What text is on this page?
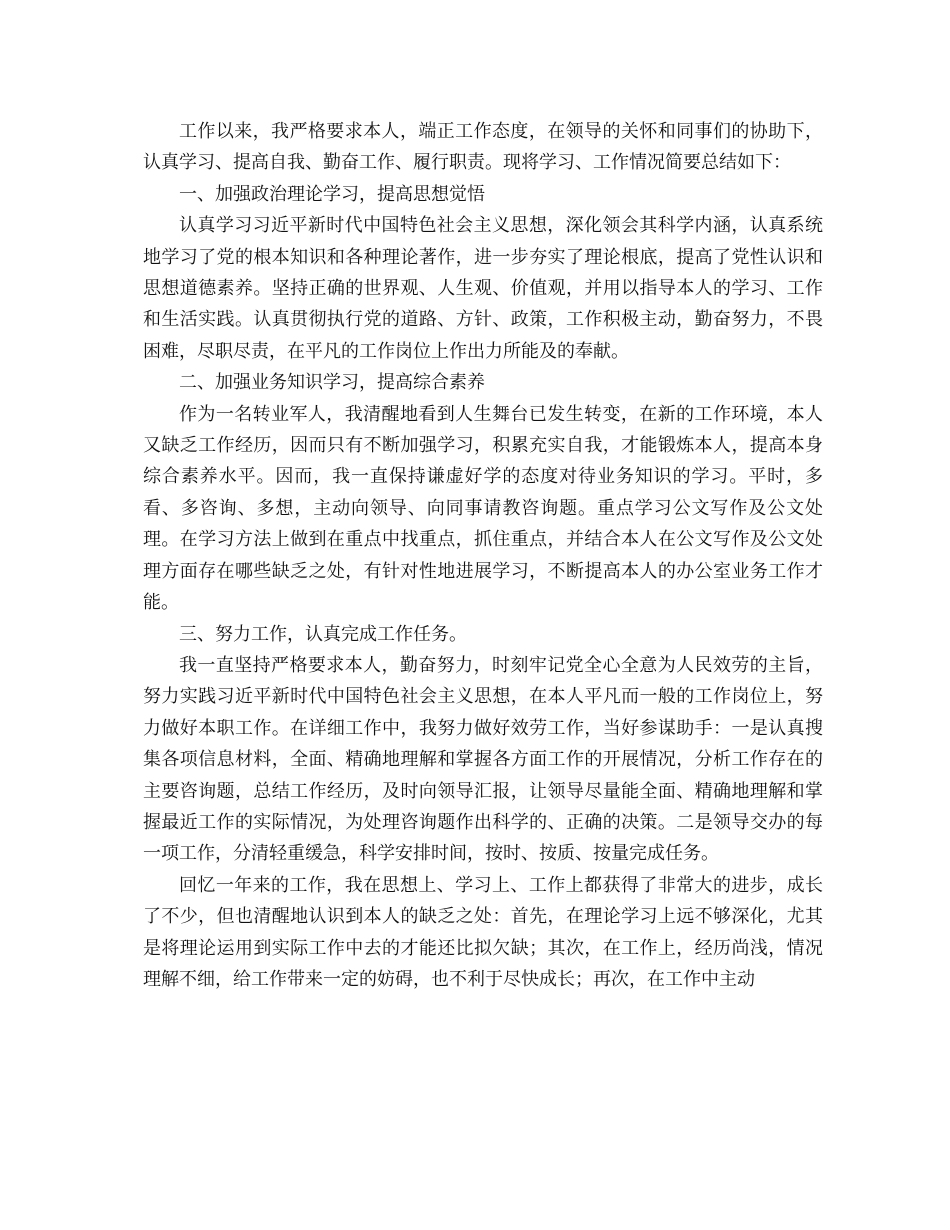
工作以来，我严格要求本人，端正工作态度，在领导的关怀和同事们的协助下，认真学习、提高自我、勤奋工作、履行职责。现将学习、工作情况简要总结如下：

一、加强政治理论学习，提高思想觉悟

认真学习习近平新时代中国特色社会主义思想，深化领会其科学内涵，认真系统地学习了党的根本知识和各种理论著作，进一步夯实了理论根底，提高了党性认识和思想道德素养。坚持正确的世界观、人生观、价值观，并用以指导本人的学习、工作和生活实践。认真贯彻执行党的道路、方针、政策，工作积极主动，勤奋努力，不畏困难，尽职尽责，在平凡的工作岗位上作出力所能及的奉献。

二、加强业务知识学习，提高综合素养

作为一名转业军人，我清醒地看到人生舞台已发生转变，在新的工作环境，本人又缺乏工作经历，因而只有不断加强学习，积累充实自我，才能锻炼本人，提高本身综合素养水平。因而，我一直保持谦虚好学的态度对待业务知识的学习。平时，多看、多咨询、多想，主动向领导、向同事请教咨询题。重点学习公文写作及公文处理。在学习方法上做到在重点中找重点，抓住重点，并结合本人在公文写作及公文处理方面存在哪些缺乏之处，有针对性地进展学习，不断提高本人的办公室业务工作才能。

三、努力工作，认真完成工作任务。

我一直坚持严格要求本人，勤奋努力，时刻牢记党全心全意为人民效劳的主旨，努力实践习近平新时代中国特色社会主义思想，在本人平凡而一般的工作岗位上，努力做好本职工作。在详细工作中，我努力做好效劳工作，当好参谋助手：一是认真搜集各项信息材料，全面、精确地理解和掌握各方面工作的开展情况，分析工作存在的主要咨询题，总结工作经历，及时向领导汇报，让领导尽量能全面、精确地理解和掌握最近工作的实际情况，为处理咨询题作出科学的、正确的决策。二是领导交办的每一项工作，分清轻重缓急，科学安排时间，按时、按质、按量完成任务。

回忆一年来的工作，我在思想上、学习上、工作上都获得了非常大的进步，成长了不少，但也清醒地认识到本人的缺乏之处：首先，在理论学习上远不够深化，尤其是将理论运用到实际工作中去的才能还比拟欠缺；其次，在工作上，经历尚浅，情况理解不细，给工作带来一定的妨碍，也不利于尽快成长；再次，在工作中主动
